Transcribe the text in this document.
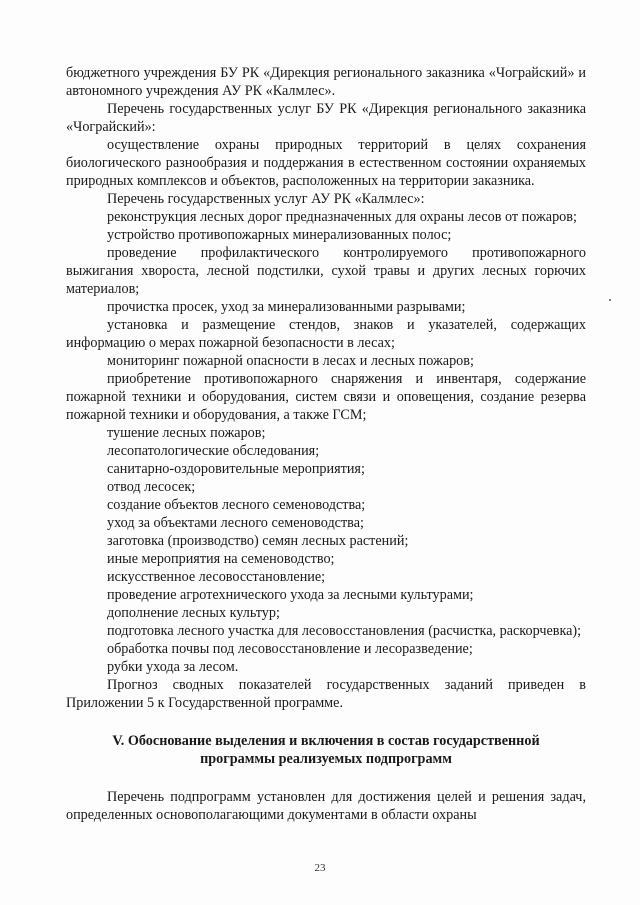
бюджетного учреждения БУ РК «Дирекция регионального заказника «Чограйский» и автономного учреждения АУ РК «Калмлес».

Перечень государственных услуг БУ РК «Дирекция регионального заказника «Чограйский»:

осуществление охраны природных территорий в целях сохранения биологического разнообразия и поддержания в естественном состоянии охраняемых природных комплексов и объектов, расположенных на территории заказника.

Перечень государственных услуг АУ РК «Калмлес»:

реконструкция лесных дорог предназначенных для охраны лесов от пожаров;

устройство противопожарных минерализованных полос;

проведение профилактического контролируемого противопожарного выжигания хвороста, лесной подстилки, сухой травы и других лесных горючих материалов;

прочистка просек, уход за минерализованными разрывами;

установка и размещение стендов, знаков и указателей, содержащих информацию о мерах пожарной безопасности в лесах;

мониторинг пожарной опасности в лесах и лесных пожаров;

приобретение противопожарного снаряжения и инвентаря, содержание пожарной техники и оборудования, систем связи и оповещения, создание резерва пожарной техники и оборудования, а также ГСМ;

тушение лесных пожаров;

лесопатологические обследования;

санитарно-оздоровительные мероприятия;

отвод лесосек;

создание объектов лесного семеноводства;

уход за объектами лесного семеноводства;

заготовка (производство) семян лесных растений;

иные мероприятия на семеноводство;

искусственное лесовосстановление;

проведение агротехнического ухода за лесными культурами;

дополнение лесных культур;

подготовка лесного участка для лесовосстановления (расчистка, раскорчевка);

обработка почвы под лесовосстановление и лесоразведение;

рубки ухода за лесом.

Прогноз сводных показателей государственных заданий приведен в Приложении 5 к Государственной программе.

V. Обоснование выделения и включения в состав государственной программы реализуемых подпрограмм

Перечень подпрограмм установлен для достижения целей и решения задач, определенных основополагающими документами в области охраны

23
